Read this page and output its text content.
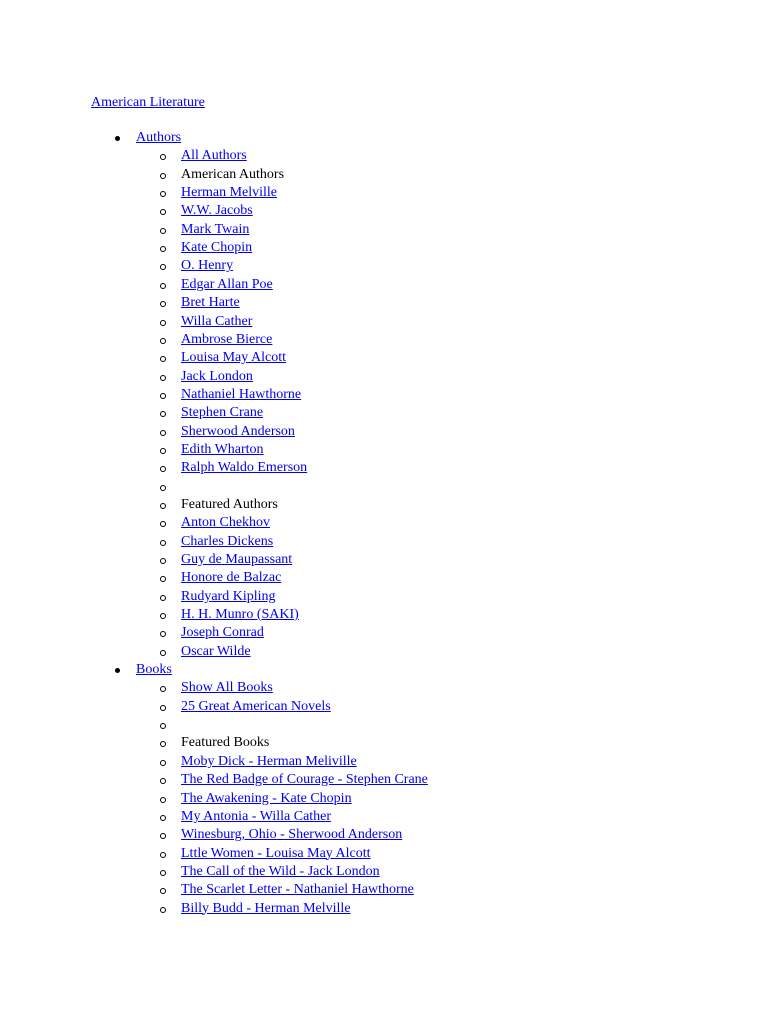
American Literature
Authors
All Authors
American Authors
Herman Melville
W.W. Jacobs
Mark Twain
Kate Chopin
O. Henry
Edgar Allan Poe
Bret Harte
Willa Cather
Ambrose Bierce
Louisa May Alcott
Jack London
Nathaniel Hawthorne
Stephen Crane
Sherwood Anderson
Edith Wharton
Ralph Waldo Emerson
Featured Authors
Anton Chekhov
Charles Dickens
Guy de Maupassant
Honore de Balzac
Rudyard Kipling
H. H. Munro (SAKI)
Joseph Conrad
Oscar Wilde
Books
Show All Books
25 Great American Novels
Featured Books
Moby Dick - Herman Meliville
The Red Badge of Courage - Stephen Crane
The Awakening - Kate Chopin
My Antonia - Willa Cather
Winesburg, Ohio - Sherwood Anderson
Lttle Women - Louisa May Alcott
The Call of the Wild - Jack London
The Scarlet Letter - Nathaniel Hawthorne
Billy Budd - Herman Melville
